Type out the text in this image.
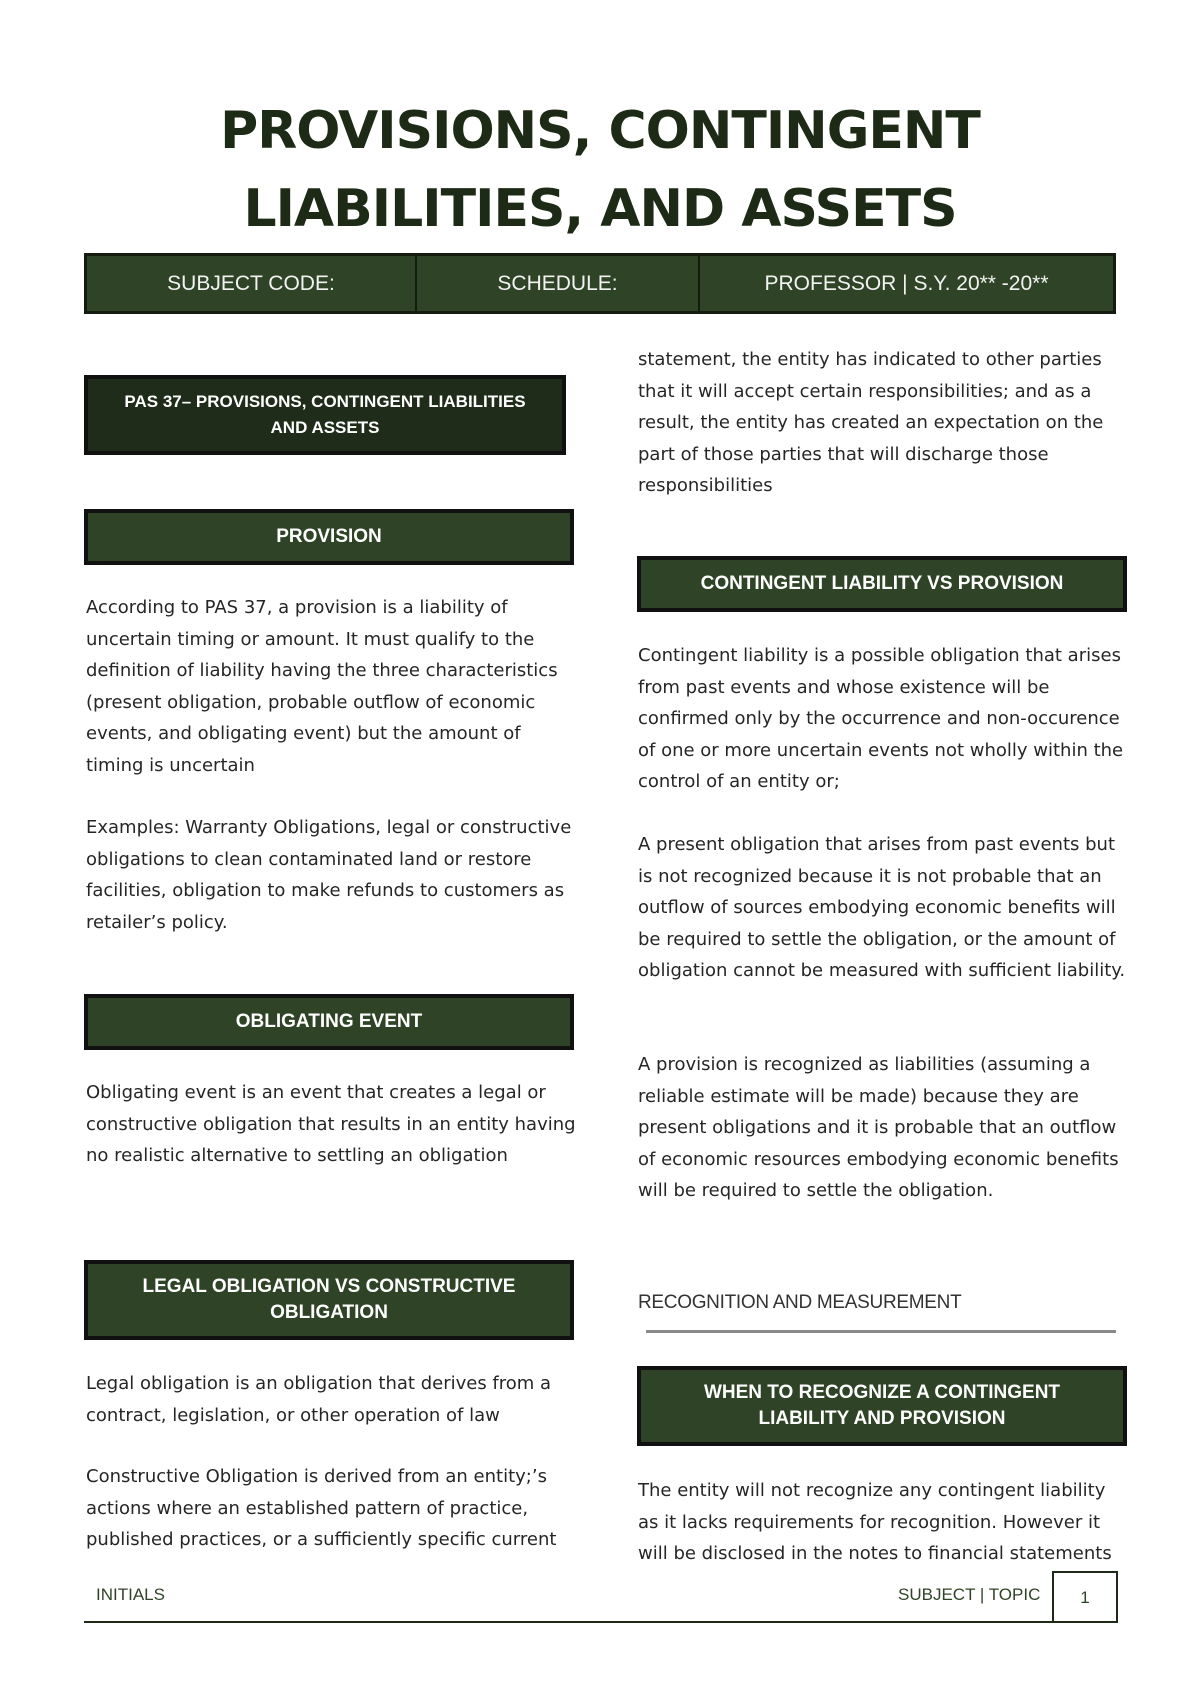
PROVISIONS, CONTINGENT
LIABILITIES, AND ASSETS
SUBJECT CODE:	SCHEDULE:	PROFESSOR | S.Y. 20** -20**
PAS 37– PROVISIONS, CONTINGENT LIABILITIES AND ASSETS
PROVISION
According to PAS 37, a provision is a liability of uncertain timing or amount. It must qualify to the definition of liability having the three characteristics (present obligation, probable outflow of economic events, and obligating event) but the amount of timing is uncertain
Examples: Warranty Obligations, legal or constructive obligations to clean contaminated land or restore facilities, obligation to make refunds to customers as retailer’s policy.
OBLIGATING EVENT
Obligating event is an event that creates a legal or constructive obligation that results in an entity having no realistic alternative to settling an obligation
LEGAL OBLIGATION VS CONSTRUCTIVE OBLIGATION
Legal obligation is an obligation that derives from a contract, legislation, or other operation of law
Constructive Obligation is derived from an entity;’s actions where an established pattern of practice, published practices, or a sufficiently specific current
statement, the entity has indicated to other parties that it will accept certain responsibilities; and as a result, the entity has created an expectation on the part of those parties that will discharge those responsibilities
CONTINGENT LIABILITY VS PROVISION
Contingent liability is a possible obligation that arises from past events and whose existence will be confirmed only by the occurrence and non-occurence of one or more uncertain events not wholly within the control of an entity or;
A present obligation that arises from past events but is not recognized because it is not probable that an outflow of sources embodying economic benefits will be required to settle the obligation, or the amount of obligation cannot be measured with sufficient liability.
A provision is recognized as liabilities (assuming a reliable estimate will be made) because they are present obligations and it is probable that an outflow of economic resources embodying economic benefits will be required to settle the obligation.
RECOGNITION AND MEASUREMENT
WHEN TO RECOGNIZE A CONTINGENT LIABILITY AND PROVISION
The entity will not recognize any contingent liability as it lacks requirements for recognition. However it will be disclosed in the notes to financial statements
INITIALS	SUBJECT | TOPIC	1
